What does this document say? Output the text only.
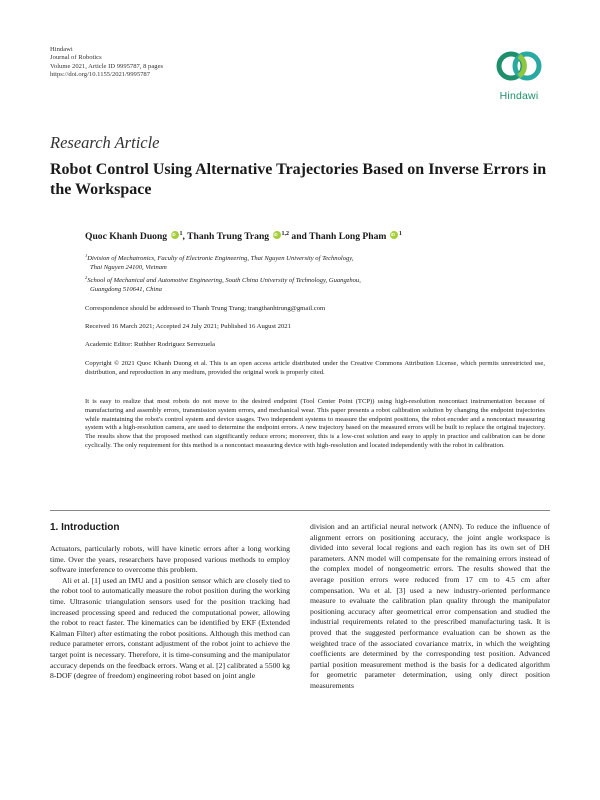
Hindawi
Journal of Robotics
Volume 2021, Article ID 9995787, 8 pages
https://doi.org/10.1155/2021/9995787
Hindawi
Research Article
Robot Control Using Alternative Trajectories Based on Inverse Errors in the Workspace
Quoc Khanh Duong iD $^1$, Thanh Trung Trang iD $^{1,2}$ and Thanh Long Pham iD $^1$
$^1$Division of Mechatronics, Faculty of Electronic Engineering, Thai Nguyen University of Technology,
Thai Nguyen 24100, Vietnam
$^2$School of Mechanical and Automotive Engineering, South China University of Technology, Guangzhou,
Guangdong 510641, China
Correspondence should be addressed to Thanh Trung Trang; trangthanhtrung@gmail.com
Received 16 March 2021; Accepted 24 July 2021; Published 16 August 2021
Academic Editor: Ruthber Rodriguez Serrezuela
Copyright © 2021 Quoc Khanh Duong et al. This is an open access article distributed under the Creative Commons Attribution License, which permits unrestricted use, distribution, and reproduction in any medium, provided the original work is properly cited.
It is easy to realize that most robots do not move to the desired endpoint (Tool Center Point (TCP)) using high-resolution noncontact instrumentation because of manufacturing and assembly errors, transmission system errors, and mechanical wear. This paper presents a robot calibration solution by changing the endpoint trajectories while maintaining the robot's control system and device usages. Two independent systems to measure the endpoint positions, the robot encoder and a noncontact measuring system with a high-resolution camera, are used to determine the endpoint errors. A new trajectory based on the measured errors will be built to replace the original trajectory. The results show that the proposed method can significantly reduce errors; moreover, this is a low-cost solution and easy to apply in practice and calibration can be done cyclically. The only requirement for this method is a noncontact measuring device with high-resolution and located independently with the robot in calibration.
1. Introduction

Actuators, particularly robots, will have kinetic errors after a long working time. Over the years, researchers have proposed various methods to employ software interference to overcome this problem.

Ali et al. [1] used an IMU and a position sensor which are closely tied to the robot tool to automatically measure the robot position during the working time. Ultrasonic triangulation sensors used for the position tracking had increased processing speed and reduced the computational power, allowing the robot to react faster. The kinematics can be identified by EKF (Extended Kalman Filter) after estimating the robot positions. Although this method can reduce parameter errors, constant adjustment of the robot joint to achieve the target point is necessary. Therefore, it is time-consuming and the manipulator accuracy depends on the feedback errors. Wang et al. [2] calibrated a 5500 kg 8-DOF (degree of freedom) engineering robot based on joint angle

division and an artificial neural network (ANN). To reduce the influence of alignment errors on positioning accuracy, the joint angle workspace is divided into several local regions and each region has its own set of DH parameters. ANN model will compensate for the remaining errors instead of the complex model of nongeometric errors. The results showed that the average position errors were reduced from 17 cm to 4.5 cm after compensation. Wu et al. [3] used a new industry-oriented performance measure to evaluate the calibration plan quality through the manipulator positioning accuracy after geometrical error compensation and studied the industrial requirements related to the prescribed manufacturing task. It is proved that the suggested performance evaluation can be shown as the weighted trace of the associated covariance matrix, in which the weighting coefficients are determined by the corresponding test position. Advanced partial position measurement method is the basis for a dedicated algorithm for geometric parameter determination, using only direct position measurements
